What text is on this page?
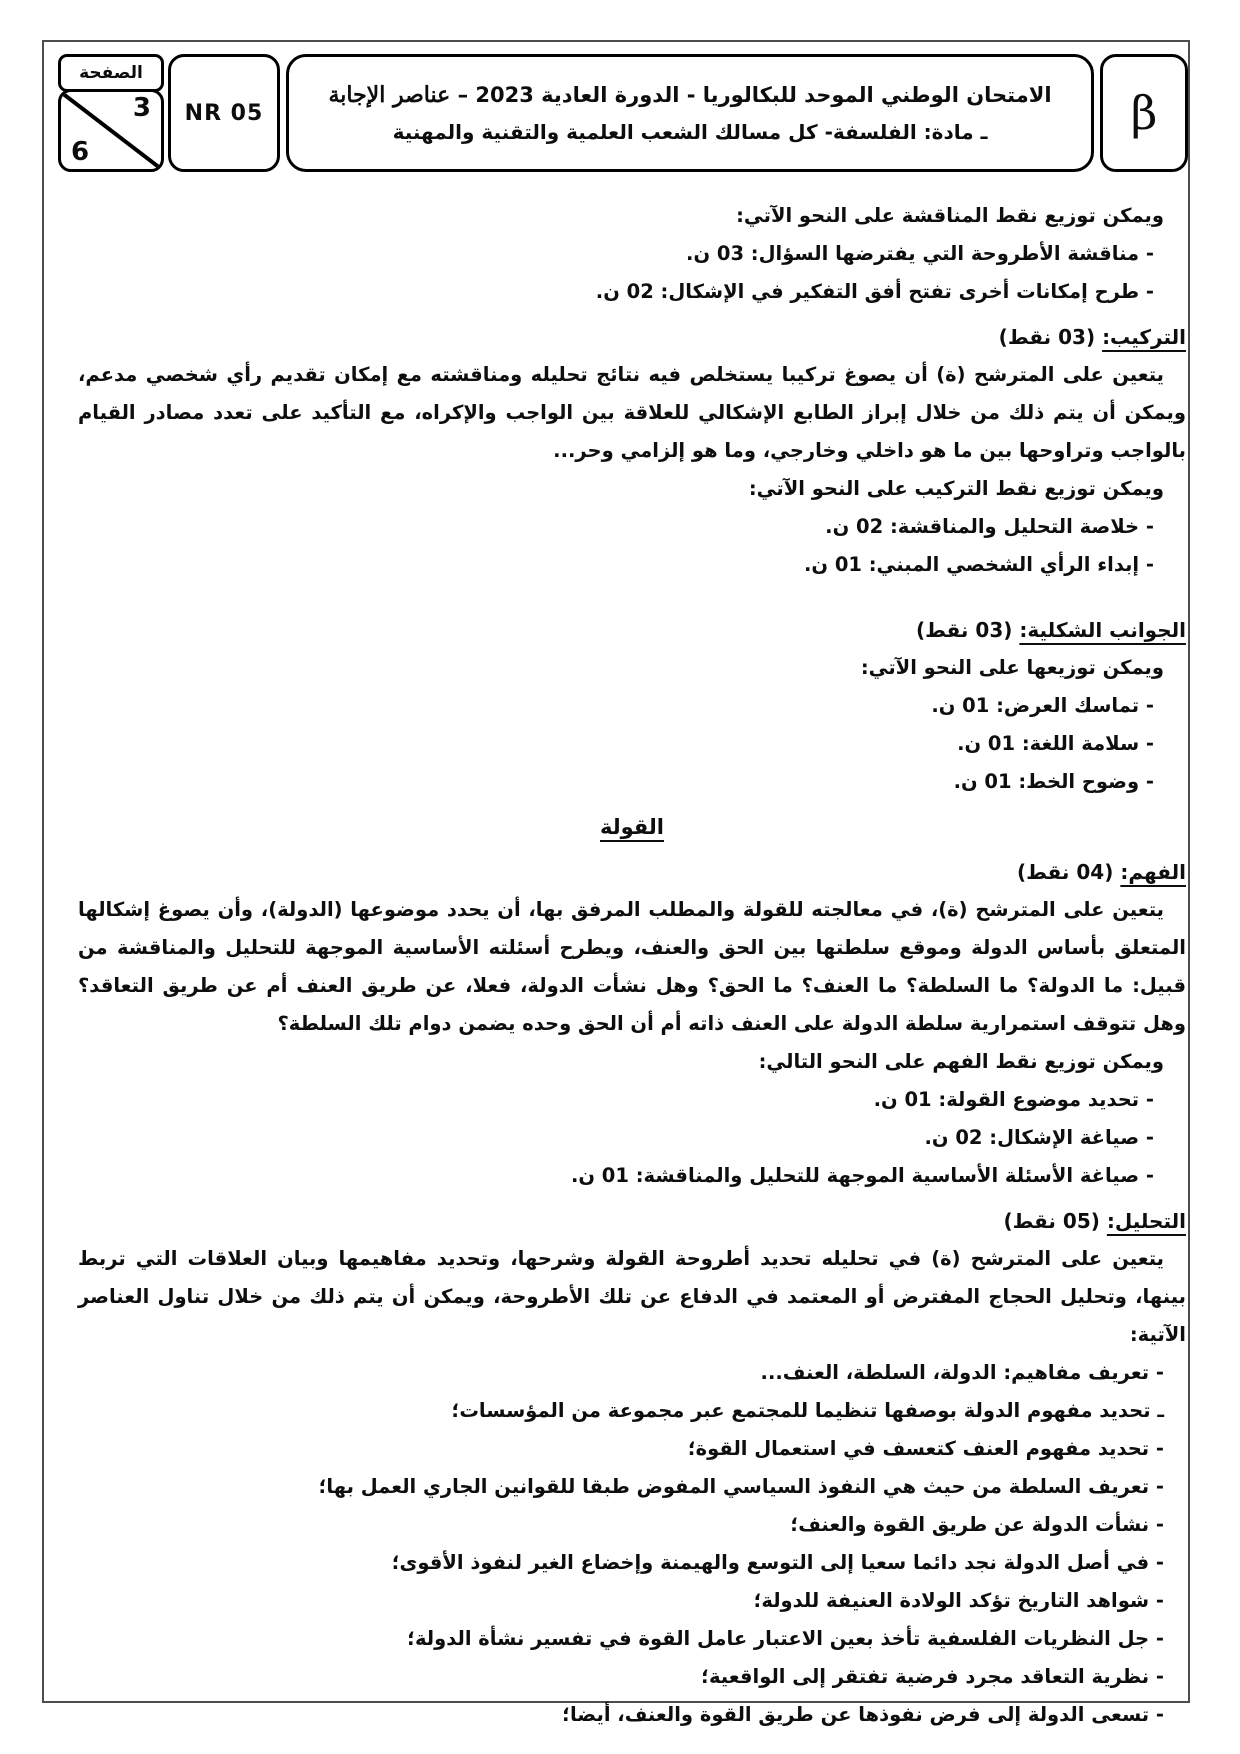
الصفحة
3
6
NR 05
الامتحان الوطني الموحد للبكالوريا - الدورة العادية 2023 – عناصر الإجابة
ـ مادة: الفلسفة- كل مسالك الشعب العلمية والتقنية والمهنية	β
ويمكن توزيع نقط المناقشة على النحو الآتي:
- مناقشة الأطروحة التي يفترضها السؤال: 03 ن.
- طرح إمكانات أخرى تفتح أفق التفكير في الإشكال: 02 ن.
التركيب: (03 نقط)
يتعين على المترشح (ة) أن يصوغ تركيبا يستخلص فيه نتائج تحليله ومناقشته مع إمكان تقديم رأي شخصي مدعم، ويمكن أن يتم ذلك من خلال إبراز الطابع الإشكالي للعلاقة بين الواجب والإكراه، مع التأكيد على تعدد مصادر القيام بالواجب وتراوحها بين ما هو داخلي وخارجي، وما هو إلزامي وحر...
ويمكن توزيع نقط التركيب على النحو الآتي:
- خلاصة التحليل والمناقشة: 02 ن.
- إبداء الرأي الشخصي المبني: 01 ن.
الجوانب الشكلية: (03 نقط)
ويمكن توزيعها على النحو الآتي:
- تماسك العرض: 01 ن.
- سلامة اللغة: 01 ن.
- وضوح الخط: 01 ن.
القولة
الفهم: (04 نقط)
يتعين على المترشح (ة)، في معالجته للقولة والمطلب المرفق بها، أن يحدد موضوعها (الدولة)، وأن يصوغ إشكالها المتعلق بأساس الدولة وموقع سلطتها بين الحق والعنف، ويطرح أسئلته الأساسية الموجهة للتحليل والمناقشة من قبيل: ما الدولة؟ ما السلطة؟ ما العنف؟ ما الحق؟ وهل نشأت الدولة، فعلا، عن طريق العنف أم عن طريق التعاقد؟ وهل تتوقف استمرارية سلطة الدولة على العنف ذاته أم أن الحق وحده يضمن دوام تلك السلطة؟
ويمكن توزيع نقط الفهم على النحو التالي:
- تحديد موضوع القولة: 01 ن.
- صياغة الإشكال: 02 ن.
- صياغة الأسئلة الأساسية الموجهة للتحليل والمناقشة: 01 ن.
التحليل: (05 نقط)
يتعين على المترشح (ة) في تحليله تحديد أطروحة القولة وشرحها، وتحديد مفاهيمها وبيان العلاقات التي تربط بينها، وتحليل الحجاج المفترض أو المعتمد في الدفاع عن تلك الأطروحة، ويمكن أن يتم ذلك من خلال تناول العناصر الآتية:
- تعريف مفاهيم: الدولة، السلطة، العنف...
ـ تحديد مفهوم الدولة بوصفها تنظيما للمجتمع عبر مجموعة من المؤسسات؛
- تحديد مفهوم العنف كتعسف في استعمال القوة؛
- تعريف السلطة من حيث هي النفوذ السياسي المفوض طبقا للقوانين الجاري العمل بها؛
- نشأت الدولة عن طريق القوة والعنف؛
- في أصل الدولة نجد دائما سعيا إلى التوسع والهيمنة وإخضاع الغير لنفوذ الأقوى؛
- شواهد التاريخ تؤكد الولادة العنيفة للدولة؛
- جل النظريات الفلسفية تأخذ بعين الاعتبار عامل القوة في تفسير نشأة الدولة؛
- نظرية التعاقد مجرد فرضية تفتقر إلى الواقعية؛
- تسعى الدولة إلى فرض نفوذها عن طريق القوة والعنف، أيضا؛
